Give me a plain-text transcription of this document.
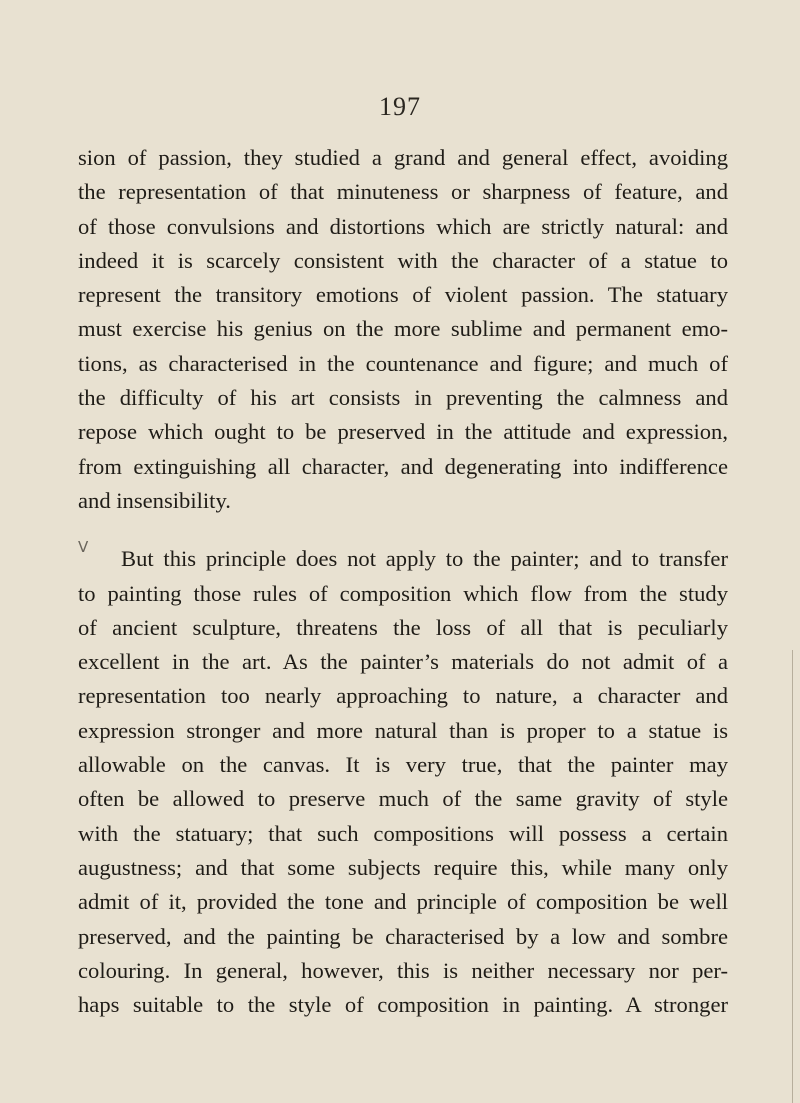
197
V
sion of passion, they studied a grand and general effect, avoiding
the representation of that minuteness or sharpness of feature, and
of those convulsions and distortions which are strictly natural: and
indeed it is scarcely consistent with the character of a statue to
represent the transitory emotions of violent passion. The statuary
must exercise his genius on the more sublime and permanent emo-
tions, as characterised in the countenance and figure; and much of
the difficulty of his art consists in preventing the calmness and
repose which ought to be preserved in the attitude and expression,
from extinguishing all character, and degenerating into indifference
and insensibility.
But this principle does not apply to the painter; and to transfer
to painting those rules of composition which flow from the study
of ancient sculpture, threatens the loss of all that is peculiarly
excellent in the art. As the painter’s materials do not admit of a
representation too nearly approaching to nature, a character and
expression stronger and more natural than is proper to a statue is
allowable on the canvas. It is very true, that the painter may
often be allowed to preserve much of the same gravity of style
with the statuary; that such compositions will possess a certain
augustness; and that some subjects require this, while many only
admit of it, provided the tone and principle of composition be well
preserved, and the painting be characterised by a low and sombre
colouring. In general, however, this is neither necessary nor per-
haps suitable to the style of composition in painting. A stronger
